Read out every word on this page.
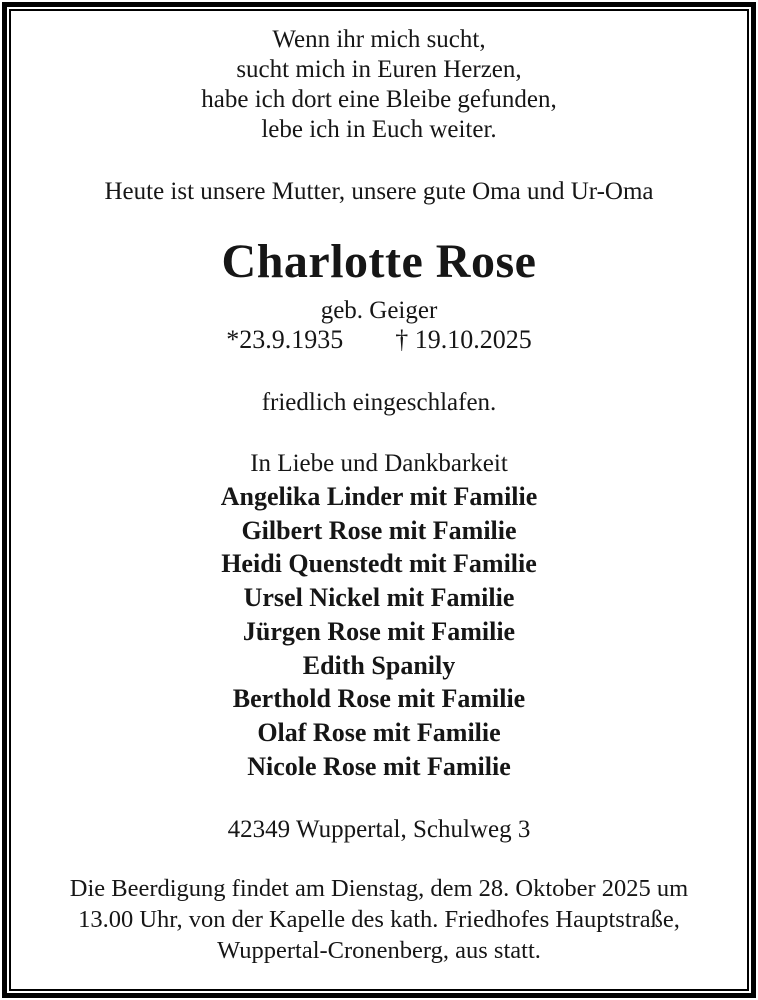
Wenn ihr mich sucht,
sucht mich in Euren Herzen,
habe ich dort eine Bleibe gefunden,
lebe ich in Euch weiter.
Heute ist unsere Mutter, unsere gute Oma und Ur-Oma
Charlotte Rose
geb. Geiger
*23.9.1935 † 19.10.2025
friedlich eingeschlafen.
In Liebe und Dankbarkeit
Angelika Linder mit Familie
Gilbert Rose mit Familie
Heidi Quenstedt mit Familie
Ursel Nickel mit Familie
Jürgen Rose mit Familie
Edith Spanily
Berthold Rose mit Familie
Olaf Rose mit Familie
Nicole Rose mit Familie
42349 Wuppertal, Schulweg 3
Die Beerdigung findet am Dienstag, dem 28. Oktober 2025 um
13.00 Uhr, von der Kapelle des kath. Friedhofes Hauptstraße,
Wuppertal-Cronenberg, aus statt.
